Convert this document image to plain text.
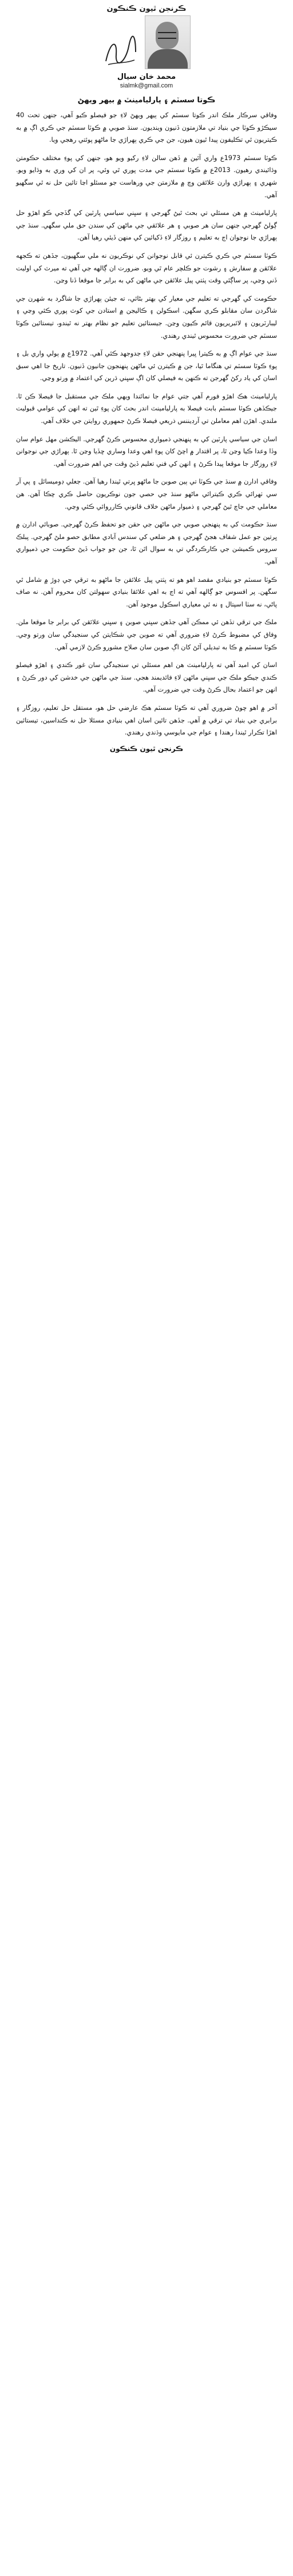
ڪرنجن ٿيون ڪنڪون
محمد خان سيال
sialmk@gmail.com
ڪوتا سسٽم ۽ پارليامينٽ ۾ بيهر ويهڻ

وفاقي سرڪار ملڪ اندر ڪوتا سسٽم کي ٻيهر ويهڻ لاءِ جو فيصلو ڪيو آهي، جنهن تحت 40 سيڪڙو ڪوٽا جي بنياد تي ملازمتون ڏنيون وينديون. سنڌ صوبي ۾ ڪوٽا سسٽم جي ڪري اڳ ۾ به ڪيتريون ئي تڪليفون پيدا ٿيون هيون، جن جي ڪري ٻهراڙي جا ماڻهو پوئتي رهجي ويا.

ڪوٽا سسٽم 1973ع واري آئين ۾ ڏهن سالن لاءِ رکيو ويو هو، جنهن کي پوءِ مختلف حڪومتن وڌائيندي رهيون. 2013ع ۾ ڪوٽا سسٽم جي مدت پوري ٿي وئي، پر ان کي وري به وڌايو ويو. شهري ۽ ٻهراڙي وارن علائقن وچ ۾ ملازمتن جي ورهاست جو مسئلو اڃا تائين حل نه ٿي سگهيو آهي.

پارليامينٽ ۾ هن مسئلي تي بحث ٿيڻ گهرجي ۽ سڀني سياسي پارٽين کي گڏجي ڪو اهڙو حل ڳولڻ گهرجي جنهن سان هر صوبي ۽ هر علائقي جي ماڻهن کي سندن حق ملي سگهي. سنڌ جي ٻهراڙي جا نوجوان اڄ به تعليم ۽ روزگار لاءِ ڏکيائين کي منهن ڏيئي رهيا آهن.

ڪوٽا سسٽم جي ڪري ڪيترن ئي قابل نوجوانن کي نوڪريون نه ملي سگهيون، جڏهن ته ڪجهه علائقن ۾ سفارش ۽ رشوت جو ڪلچر عام ٿي ويو. ضرورت ان ڳالهه جي آهي ته ميرٽ کي اوليت ڏني وڃي، پر ساڳئي وقت پٺتي پيل علائقن جي ماڻهن کي به برابر جا موقعا ڏنا وڃن.

حڪومت کي گهرجي ته تعليم جي معيار کي بهتر بڻائي، ته جيئن ٻهراڙي جا شاگرد به شهرن جي شاگردن سان مقابلو ڪري سگهن. اسڪولن ۽ ڪاليجن ۾ استادن جي کوٽ پوري ڪئي وڃي ۽ ليبارٽريون ۽ لائبريريون قائم ڪيون وڃن. جيستائين تعليم جو نظام بهتر نه ٿيندو، تيستائين ڪوٽا سسٽم جي ضرورت محسوس ٿيندي رهندي.

سنڌ جي عوام اڳ ۾ به ڪيترا ڀيرا پنهنجي حقن لاءِ جدوجهد ڪئي آهي. 1972ع ۾ ٻولي واري بل ۽ پوءِ ڪوٽا سسٽم تي هنگاما ٿيا، جن ۾ ڪيترن ئي ماڻهن پنهنجون جانيون ڏنيون. تاريخ جا اهي سبق اسان کي ياد رکڻ گهرجن ته ڪنهن به فيصلي کان اڳ سڀني ڌرين کي اعتماد ۾ ورتو وڃي.

پارليامينٽ هڪ اهڙو فورم آهي جتي عوام جا نمائندا ويهي ملڪ جي مستقبل جا فيصلا ڪن ٿا. جيڪڏهن ڪوٽا سسٽم بابت فيصلا به پارليامينٽ اندر بحث کان پوءِ ٿين ته انهن کي عوامي قبوليت ملندي. اهڙن اهم معاملن تي آرڊيننس ذريعي فيصلا ڪرڻ جمهوري روايتن جي خلاف آهي.

اسان جي سياسي پارٽين کي به پنهنجي ذميواري محسوس ڪرڻ گهرجي. اليڪشن مهل عوام سان وڏا وعدا ڪيا وڃن ٿا، پر اقتدار ۾ اچڻ کان پوءِ اهي وعدا وساري ڇڏيا وڃن ٿا. ٻهراڙي جي نوجوانن لاءِ روزگار جا موقعا پيدا ڪرڻ ۽ انهن کي فني تعليم ڏيڻ وقت جي اهم ضرورت آهي.

وفاقي ادارن ۾ سنڌ جي ڪوٽا تي ٻين صوبن جا ماڻهو ڀرتي ٿيندا رهيا آهن. جعلي ڊوميسائل ۽ پي آر سي ٺهرائي ڪري ڪيترائي ماڻهو سنڌ جي حصي جون نوڪريون حاصل ڪري چڪا آهن. هن معاملي جي جاچ ٿيڻ گهرجي ۽ ذميوار ماڻهن خلاف قانوني ڪارروائي ڪئي وڃي.

سنڌ حڪومت کي به پنهنجي صوبي جي ماڻهن جي حقن جو تحفظ ڪرڻ گهرجي. صوبائي ادارن ۾ ڀرتين جو عمل شفاف هجڻ گهرجي ۽ هر ضلعي کي سندس آبادي مطابق حصو ملڻ گهرجي. پبلڪ سروس ڪميشن جي ڪارڪردگي تي به سوال اٿن ٿا، جن جو جواب ڏيڻ حڪومت جي ذميواري آهي.

ڪوٽا سسٽم جو بنيادي مقصد اهو هو ته پٺتي پيل علائقن جا ماڻهو به ترقي جي ڊوڙ ۾ شامل ٿي سگهن. پر افسوس جو ڳالهه آهي ته اڄ به اهي علائقا بنيادي سهولتن کان محروم آهن. نه صاف پاڻي، نه سٺا اسپتال ۽ نه ئي معياري اسڪول موجود آهن.

ملڪ جي ترقي تڏهن ئي ممڪن آهي جڏهن سڀني صوبن ۽ سڀني علائقن کي برابر جا موقعا ملن. وفاق کي مضبوط ڪرڻ لاءِ ضروري آهي ته صوبن جي شڪايتن کي سنجيدگي سان ورتو وڃي. ڪوٽا سسٽم ۾ ڪا به تبديلي آڻڻ کان اڳ صوبن سان صلاح مشورو ڪرڻ لازمي آهي.

اسان کي اميد آهي ته پارليامينٽ هن اهم مسئلي تي سنجيدگي سان غور ڪندي ۽ اهڙو فيصلو ڪندي جيڪو ملڪ جي سڀني ماڻهن لاءِ فائديمند هجي. سنڌ جي ماڻهن جي خدشن کي دور ڪرڻ ۽ انهن جو اعتماد بحال ڪرڻ وقت جي ضرورت آهي.

آخر ۾ اهو چوڻ ضروري آهي ته ڪوٽا سسٽم هڪ عارضي حل هو، مستقل حل تعليم، روزگار ۽ برابري جي بنياد تي ترقي ۾ آهي. جڏهن تائين اسان اهي بنيادي مسئلا حل نه ڪنداسين، تيستائين اهڙا تڪرار ٿيندا رهندا ۽ عوام جي مايوسي وڌندي رهندي.

ڪرنجن ٿيون ڪنڪون
